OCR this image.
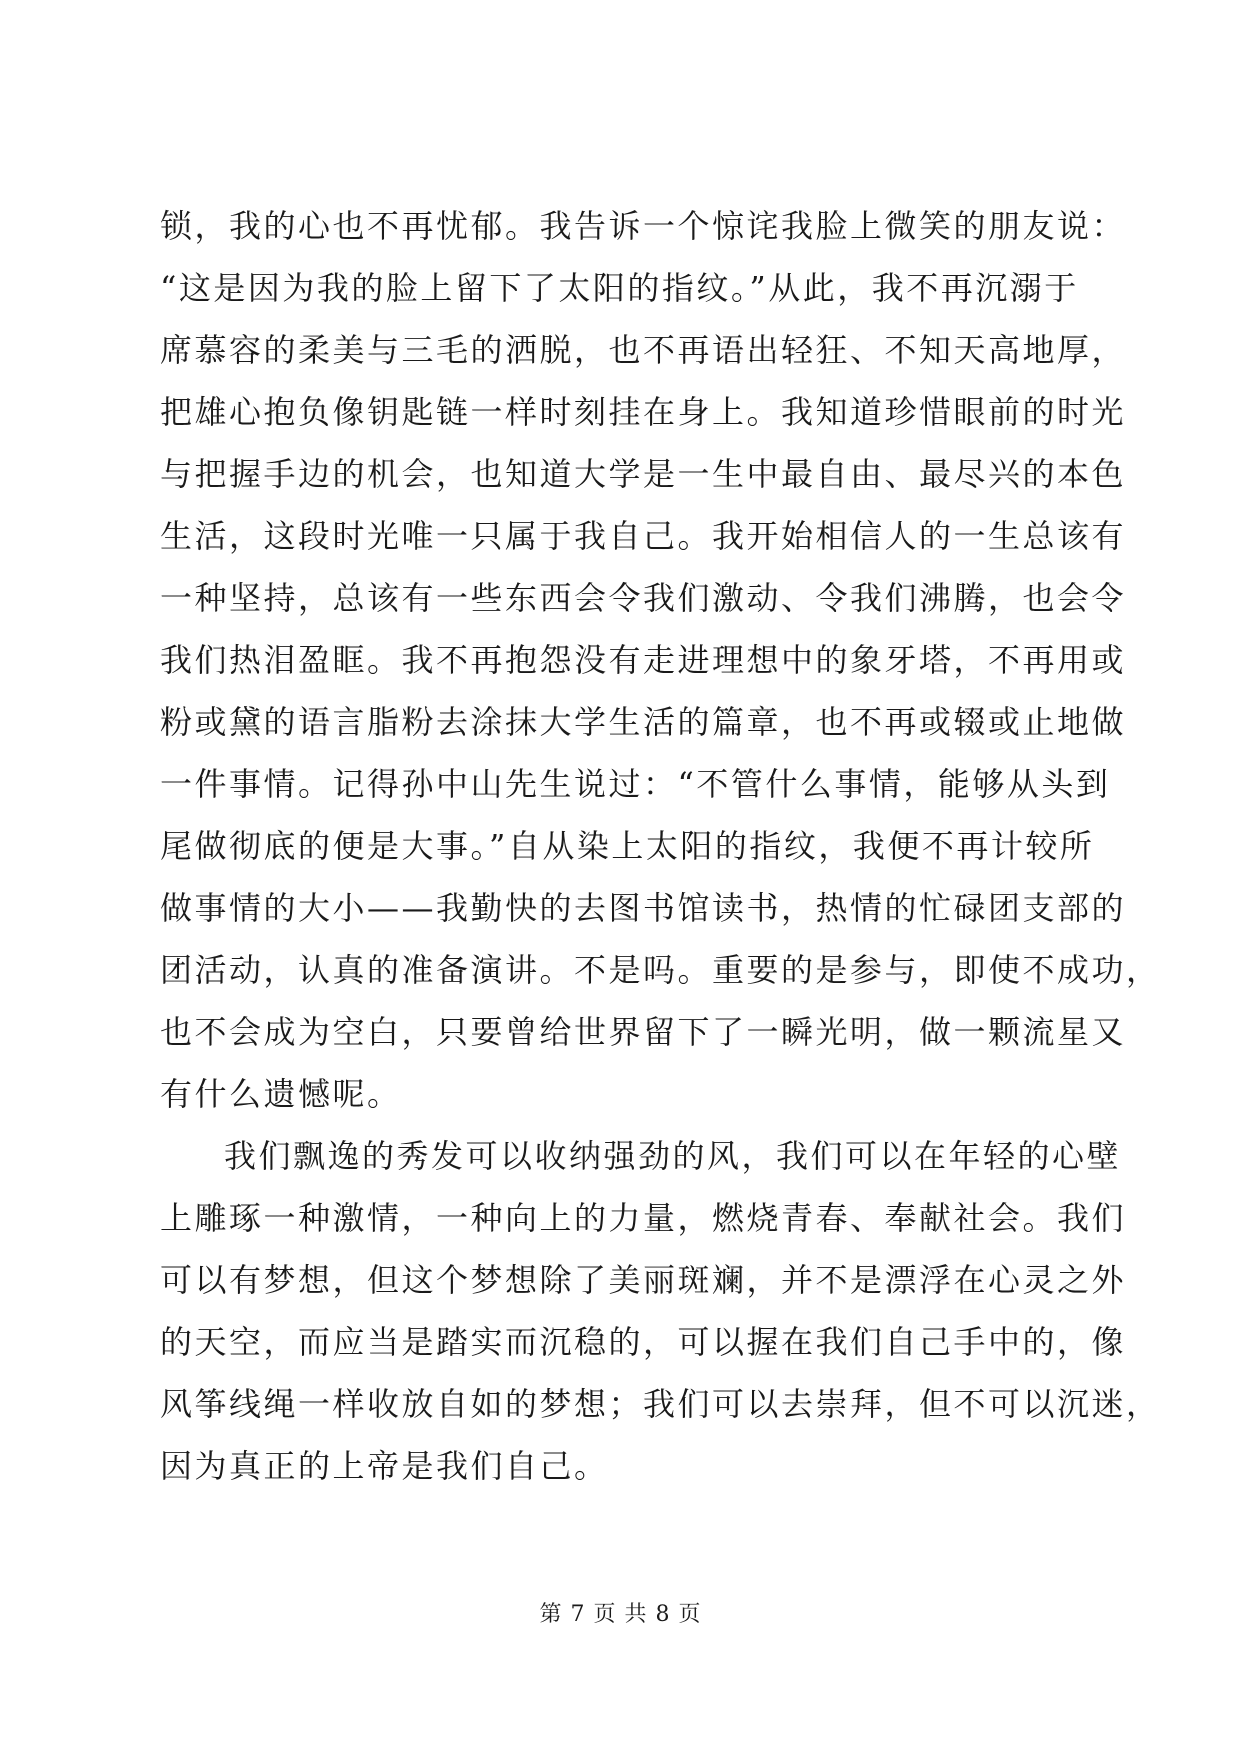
锁，我的心也不再忧郁。我告诉一个惊诧我脸上微笑的朋友说：
“这是因为我的脸上留下了太阳的指纹。”从此，我不再沉溺于
席慕容的柔美与三毛的洒脱，也不再语出轻狂、不知天高地厚，
把雄心抱负像钥匙链一样时刻挂在身上。我知道珍惜眼前的时光
与把握手边的机会，也知道大学是一生中最自由、最尽兴的本色
生活，这段时光唯一只属于我自己。我开始相信人的一生总该有
一种坚持，总该有一些东西会令我们激动、令我们沸腾，也会令
我们热泪盈眶。我不再抱怨没有走进理想中的象牙塔，不再用或
粉或黛的语言脂粉去涂抹大学生活的篇章，也不再或辍或止地做
一件事情。记得孙中山先生说过：“不管什么事情，能够从头到
尾做彻底的便是大事。”自从染上太阳的指纹，我便不再计较所
做事情的大小——我勤快的去图书馆读书，热情的忙碌团支部的
团活动，认真的准备演讲。不是吗。重要的是参与，即使不成功，
也不会成为空白，只要曾给世界留下了一瞬光明，做一颗流星又
有什么遗憾呢。
我们飘逸的秀发可以收纳强劲的风，我们可以在年轻的心壁
上雕琢一种激情，一种向上的力量，燃烧青春、奉献社会。我们
可以有梦想，但这个梦想除了美丽斑斓，并不是漂浮在心灵之外
的天空，而应当是踏实而沉稳的，可以握在我们自己手中的，像
风筝线绳一样收放自如的梦想；我们可以去崇拜，但不可以沉迷，
因为真正的上帝是我们自己。
第 7 页 共 8 页
